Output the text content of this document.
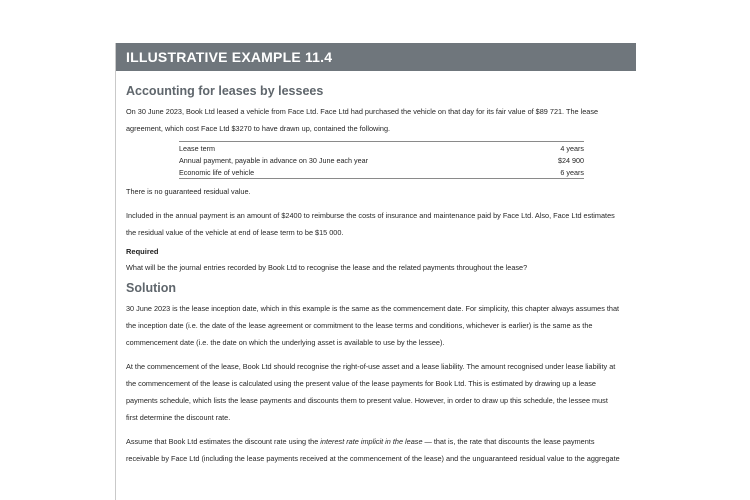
ILLUSTRATIVE EXAMPLE 11.4
Accounting for leases by lessees

On 30 June 2023, Book Ltd leased a vehicle from Face Ltd. Face Ltd had purchased the vehicle on that day for its fair value of $89 721. The lease

agreement, which cost Face Ltd $3270 to have drawn up, contained the following.

Lease term	4 years
Annual payment, payable in advance on 30 June each year	$24 900
Economic life of vehicle	6 years

There is no guaranteed residual value.

Included in the annual payment is an amount of $2400 to reimburse the costs of insurance and maintenance paid by Face Ltd. Also, Face Ltd estimates

the residual value of the vehicle at end of lease term to be $15 000.

Required

What will be the journal entries recorded by Book Ltd to recognise the lease and the related payments throughout the lease?

Solution

30 June 2023 is the lease inception date, which in this example is the same as the commencement date. For simplicity, this chapter always assumes that

the inception date (i.e. the date of the lease agreement or commitment to the lease terms and conditions, whichever is earlier) is the same as the

commencement date (i.e. the date on which the underlying asset is available to use by the lessee).

At the commencement of the lease, Book Ltd should recognise the right-of-use asset and a lease liability. The amount recognised under lease liability at

the commencement of the lease is calculated using the present value of the lease payments for Book Ltd. This is estimated by drawing up a lease

payments schedule, which lists the lease payments and discounts them to present value. However, in order to draw up this schedule, the lessee must

first determine the discount rate.

Assume that Book Ltd estimates the discount rate using the interest rate implicit in the lease — that is, the rate that discounts the lease payments

receivable by Face Ltd (including the lease payments received at the commencement of the lease) and the unguaranteed residual value to the aggregate
